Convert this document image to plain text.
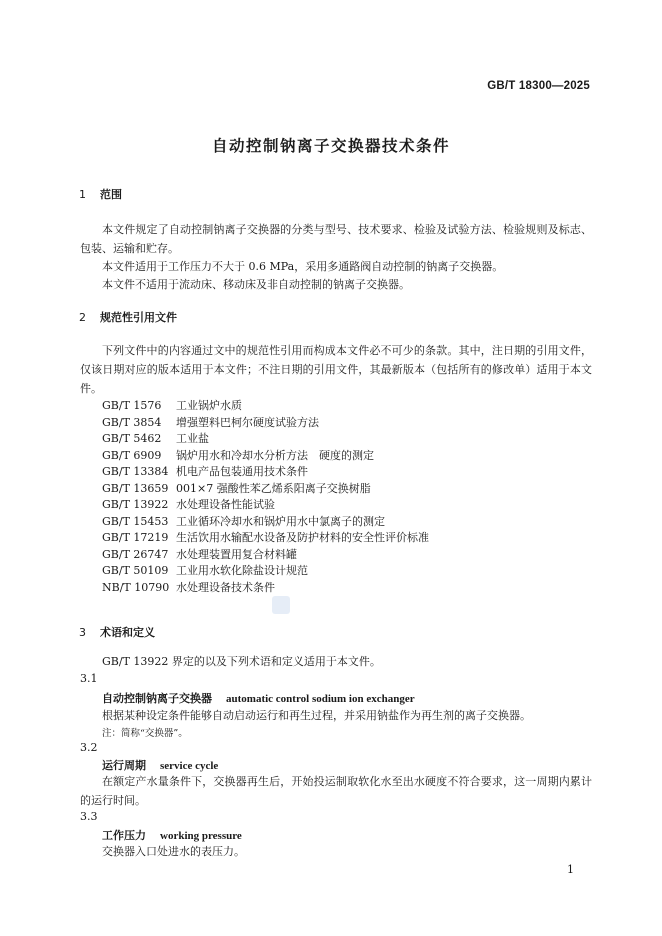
GB/T 18300—2025
自动控制钠离子交换器技术条件
1 范围
本文件规定了自动控制钠离子交换器的分类与型号、技术要求、检验及试验方法、检验规则及标志、包装、运输和贮存。
本文件适用于工作压力不大于 0.6 MPa，采用多通路阀自动控制的钠离子交换器。
本文件不适用于流动床、移动床及非自动控制的钠离子交换器。
2 规范性引用文件
下列文件中的内容通过文中的规范性引用而构成本文件必不可少的条款。其中，注日期的引用文件，仅该日期对应的版本适用于本文件；不注日期的引用文件，其最新版本（包括所有的修改单）适用于本文件。
GB/T 1576 工业锅炉水质
GB/T 3854 增强塑料巴柯尔硬度试验方法
GB/T 5462 工业盐
GB/T 6909 锅炉用水和冷却水分析方法　硬度的测定
GB/T 13384 机电产品包装通用技术条件
GB/T 13659 001×7 强酸性苯乙烯系阳离子交换树脂
GB/T 13922 水处理设备性能试验
GB/T 15453 工业循环冷却水和锅炉用水中氯离子的测定
GB/T 17219 生活饮用水输配水设备及防护材料的安全性评价标准
GB/T 26747 水处理装置用复合材料罐
GB/T 50109 工业用水软化除盐设计规范
NB/T 10790 水处理设备技术条件
3 术语和定义
GB/T 13922 界定的以及下列术语和定义适用于本文件。
3.1
自动控制钠离子交换器 automatic control sodium ion exchanger
根据某种设定条件能够自动启动运行和再生过程，并采用钠盐作为再生剂的离子交换器。
注：简称“交换器”。
3.2
运行周期 service cycle
在额定产水量条件下，交换器再生后，开始投运制取软化水至出水硬度不符合要求，这一周期内累计的运行时间。
3.3
工作压力 working pressure
交换器入口处进水的表压力。
1
